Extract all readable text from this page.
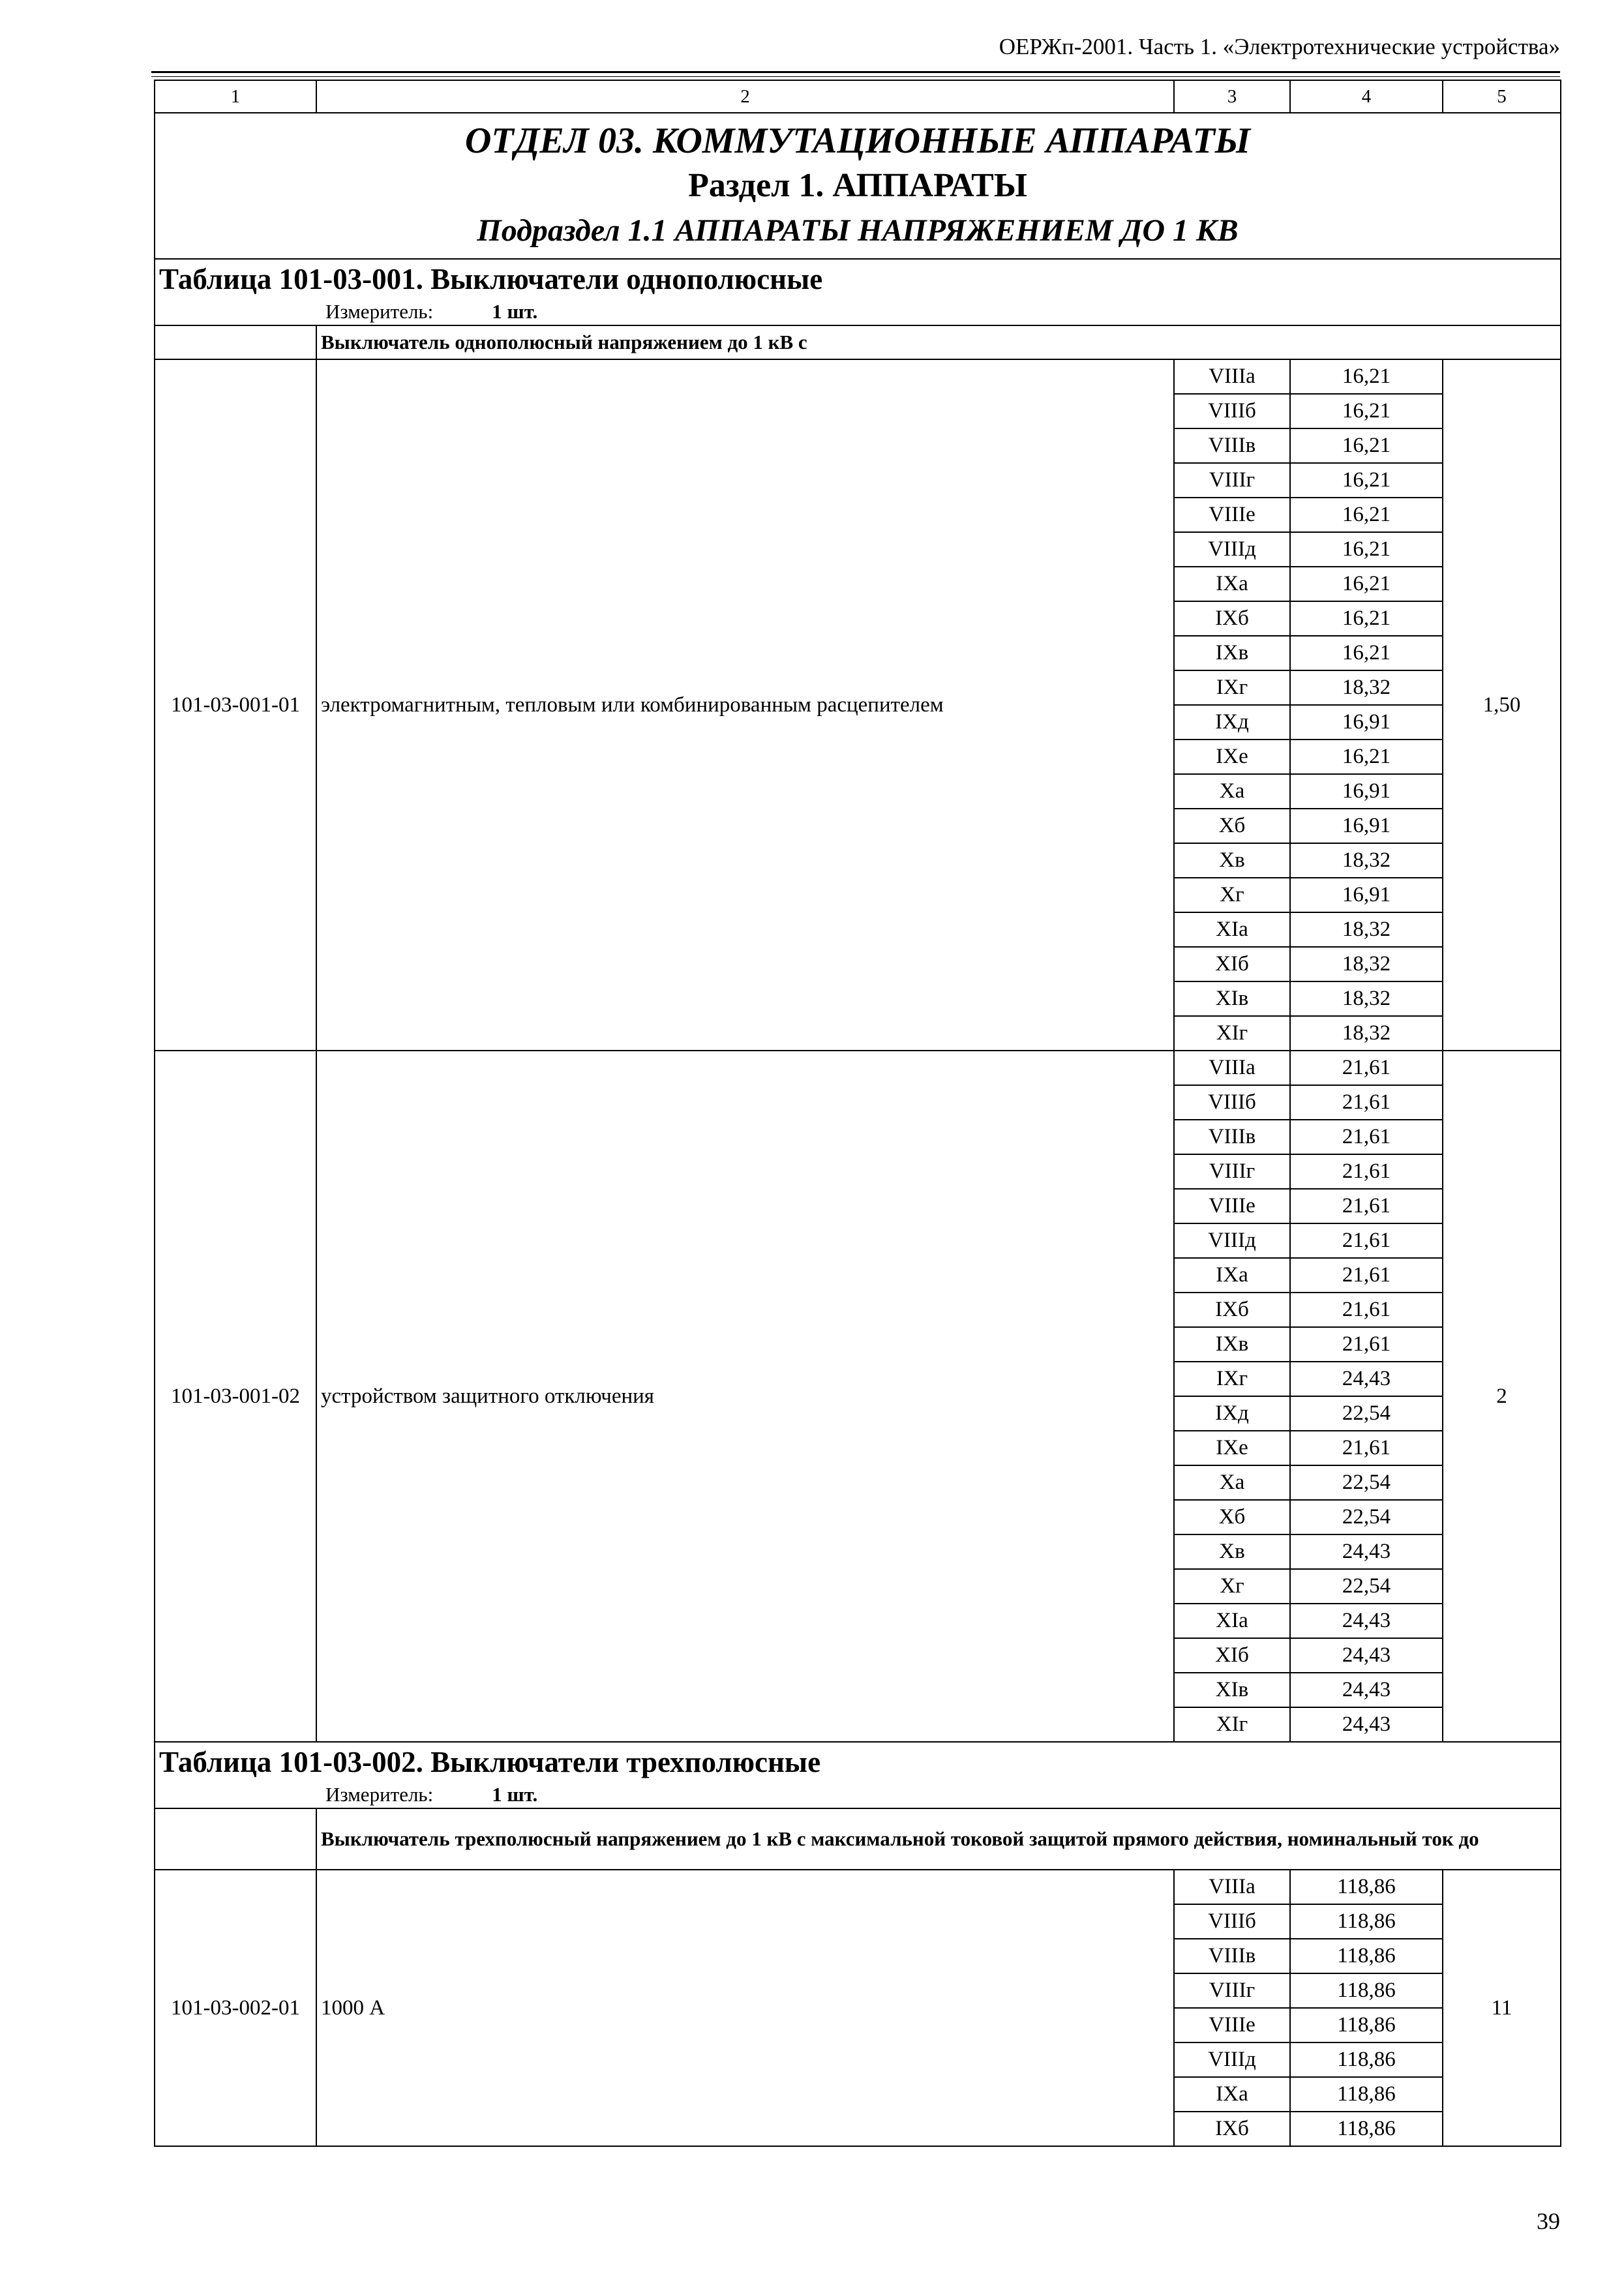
ОЕРЖп-2001. Часть 1. «Электротехнические устройства»
1	2	3	4	5

ОТДЕЛ 03. КОММУТАЦИОННЫЕ АППАРАТЫ
Раздел 1. АППАРАТЫ
Подраздел 1.1 АППАРАТЫ НАПРЯЖЕНИЕМ ДО 1 КВ				

Таблица 101-03-001. Выключатели однополюсные
Измеритель: 1 шт.				

	Выключатель однополюсный напряжением до 1 кВ с			
101-03-001-01	электромагнитным, тепловым или комбинированным расцепителем	VIIIа	16,21	1,50
		VIIIб	16,21	
		VIIIв	16,21	
		VIIIг	16,21	
		VIIIе	16,21	
		VIIIд	16,21	
		IXа	16,21	
		IXб	16,21	
		IXв	16,21	
		IXг	18,32	
		IXд	16,91	
		IXе	16,21	
		Xа	16,91	
		Xб	16,91	
		Xв	18,32	
		Xг	16,91	
		XIа	18,32	
		XIб	18,32	
		XIв	18,32	
		XIг	18,32	
101-03-001-02	устройством защитного отключения	VIIIа	21,61	2
		VIIIб	21,61	
		VIIIв	21,61	
		VIIIг	21,61	
		VIIIе	21,61	
		VIIIд	21,61	
		IXа	21,61	
		IXб	21,61	
		IXв	21,61	
		IXг	24,43	
		IXд	22,54	
		IXе	21,61	
		Xа	22,54	
		Xб	22,54	
		Xв	24,43	
		Xг	22,54	
		XIа	24,43	
		XIб	24,43	
		XIв	24,43	
		XIг	24,43	

Таблица 101-03-002. Выключатели трехполюсные
Измеритель: 1 шт.				

	Выключатель трехполюсный напряжением до 1 кВ с максимальной токовой защитой прямого действия, номинальный ток до			
101-03-002-01	1000 А	VIIIа	118,86	11
		VIIIб	118,86	
		VIIIв	118,86	
		VIIIг	118,86	
		VIIIе	118,86	
		VIIIд	118,86	
		IXа	118,86	
		IXб	118,86	
39
